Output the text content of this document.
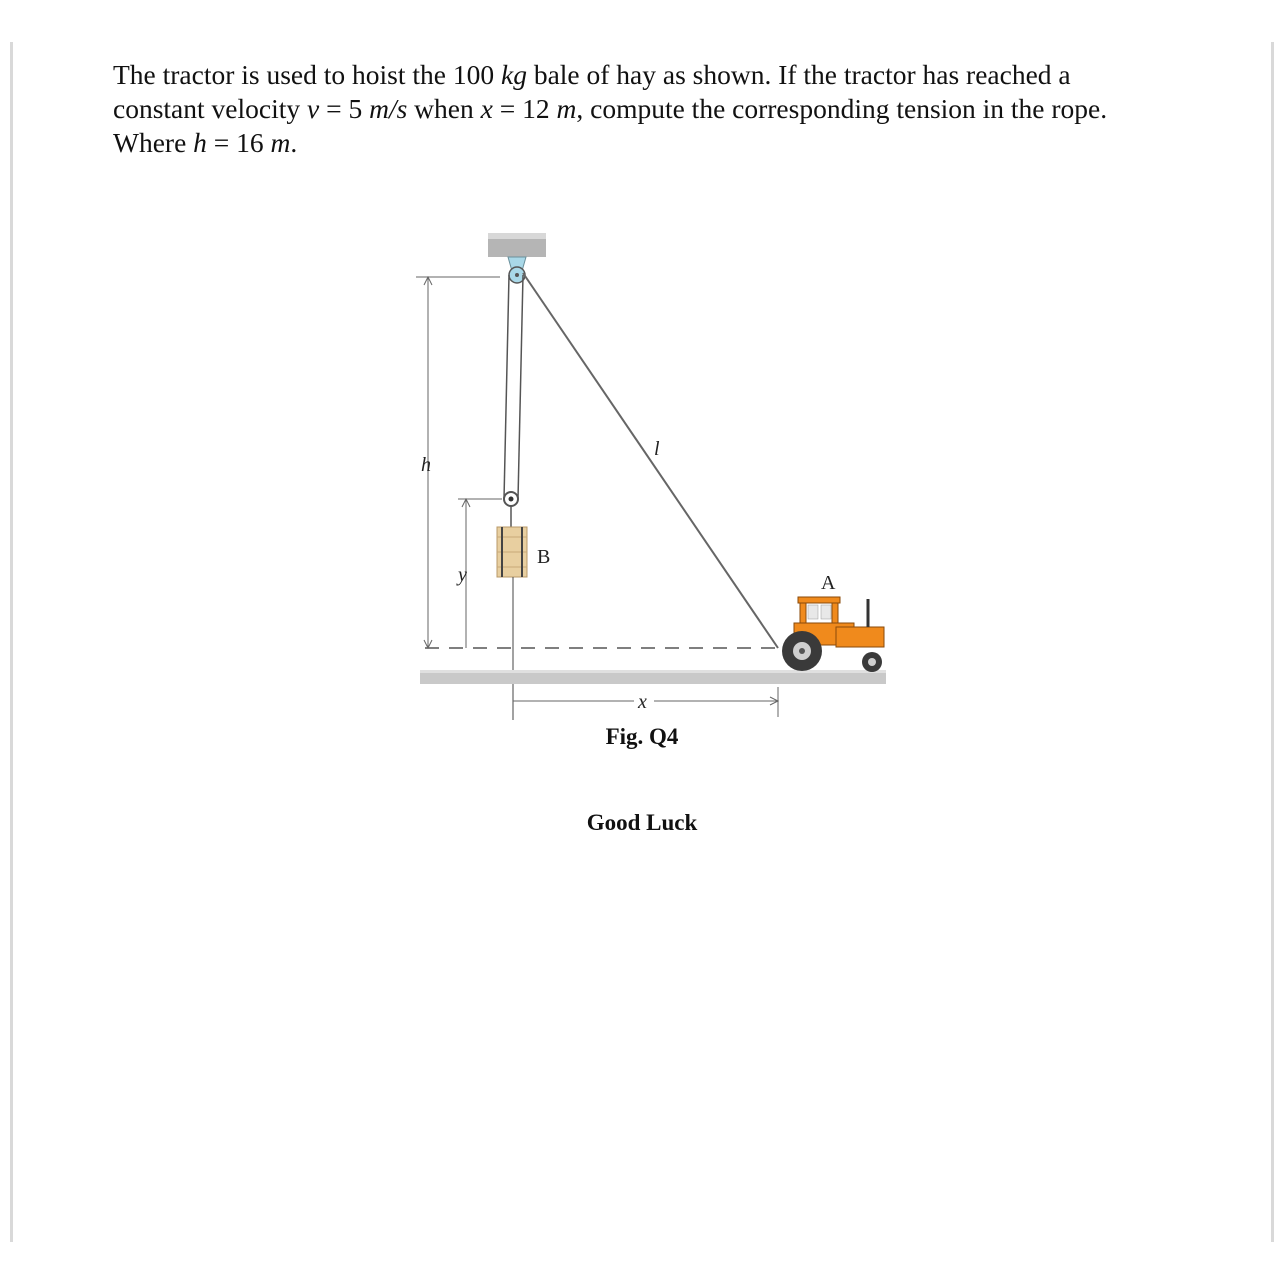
The tractor is used to hoist the 100 kg bale of hay as shown. If the tractor has reached a constant velocity v = 5 m/s when x = 12 m, compute the corresponding tension in the rope. Where h = 16 m.

B
h
y
l
x
A
Fig. Q4
Good Luck
